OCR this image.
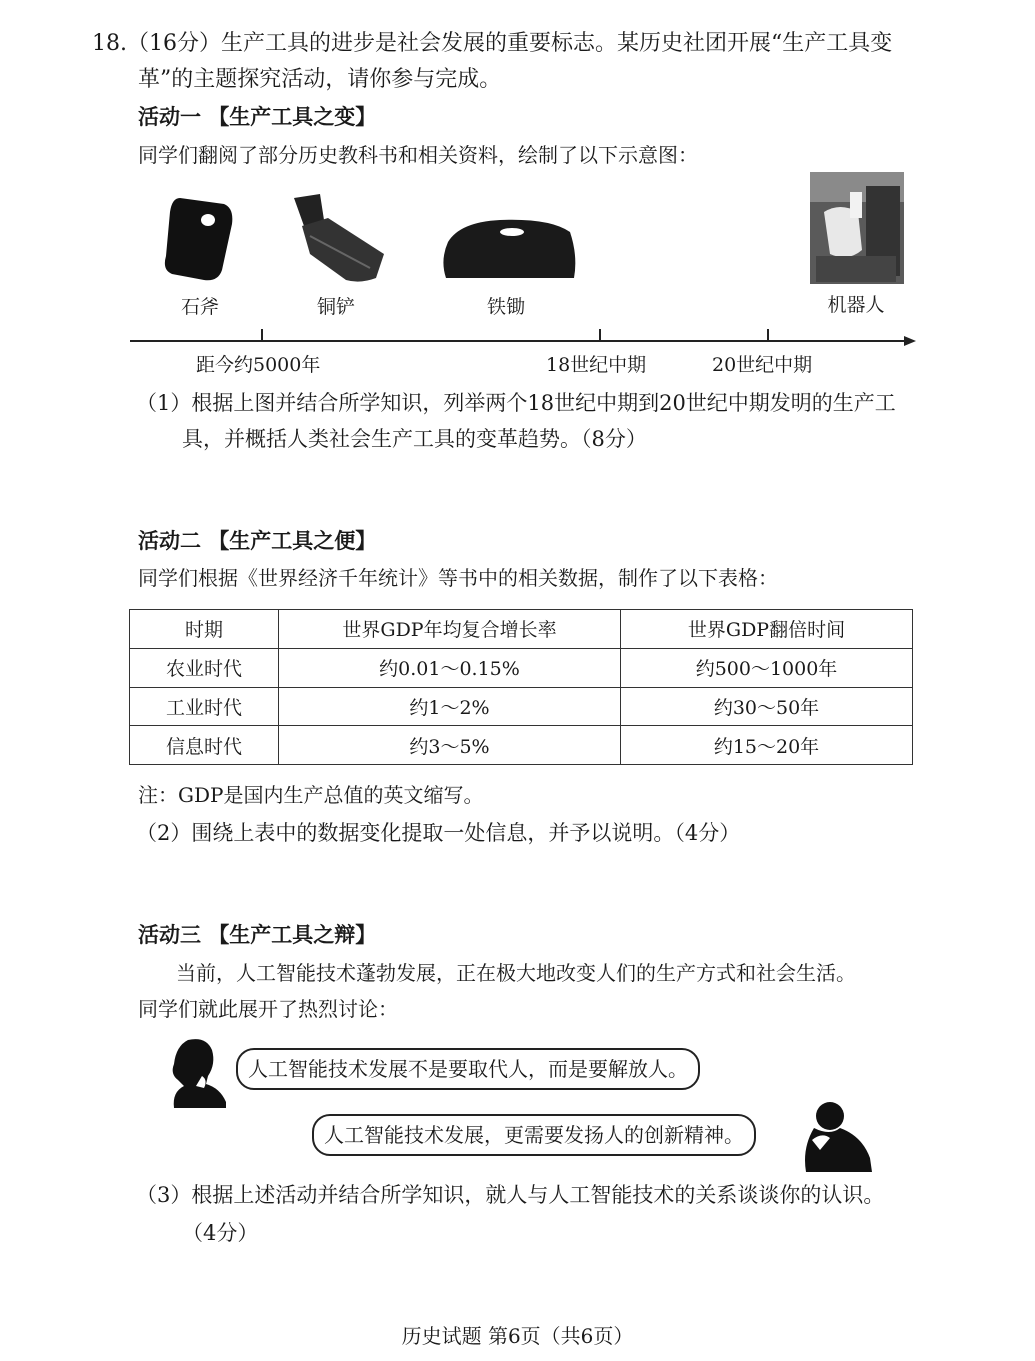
18.（16分）生产工具的进步是社会发展的重要标志。某历史社团开展“生产工具变
革”的主题探究活动，请你参与完成。
活动一 【生产工具之变】
同学们翻阅了部分历史教科书和相关资料，绘制了以下示意图：
石斧	铜铲	铁锄	机器人
距今约5000年	18世纪中期	20世纪中期
（1）根据上图并结合所学知识，列举两个18世纪中期到20世纪中期发明的生产工
具，并概括人类社会生产工具的变革趋势。（8分）
活动二 【生产工具之便】
同学们根据《世界经济千年统计》等书中的相关数据，制作了以下表格：
时期	世界GDP年均复合增长率	世界GDP翻倍时间
农业时代	约0.01～0.15%	约500～1000年
工业时代	约1～2%	约30～50年
信息时代	约3～5%	约15～20年
注：GDP是国内生产总值的英文缩写。
（2）围绕上表中的数据变化提取一处信息，并予以说明。（4分）
活动三 【生产工具之辩】
当前，人工智能技术蓬勃发展，正在极大地改变人们的生产方式和社会生活。
同学们就此展开了热烈讨论：
人工智能技术发展不是要取代人，而是要解放人。
人工智能技术发展，更需要发扬人的创新精神。
（3）根据上述活动并结合所学知识，就人与人工智能技术的关系谈谈你的认识。
（4分）
历史试题 第6页（共6页）
